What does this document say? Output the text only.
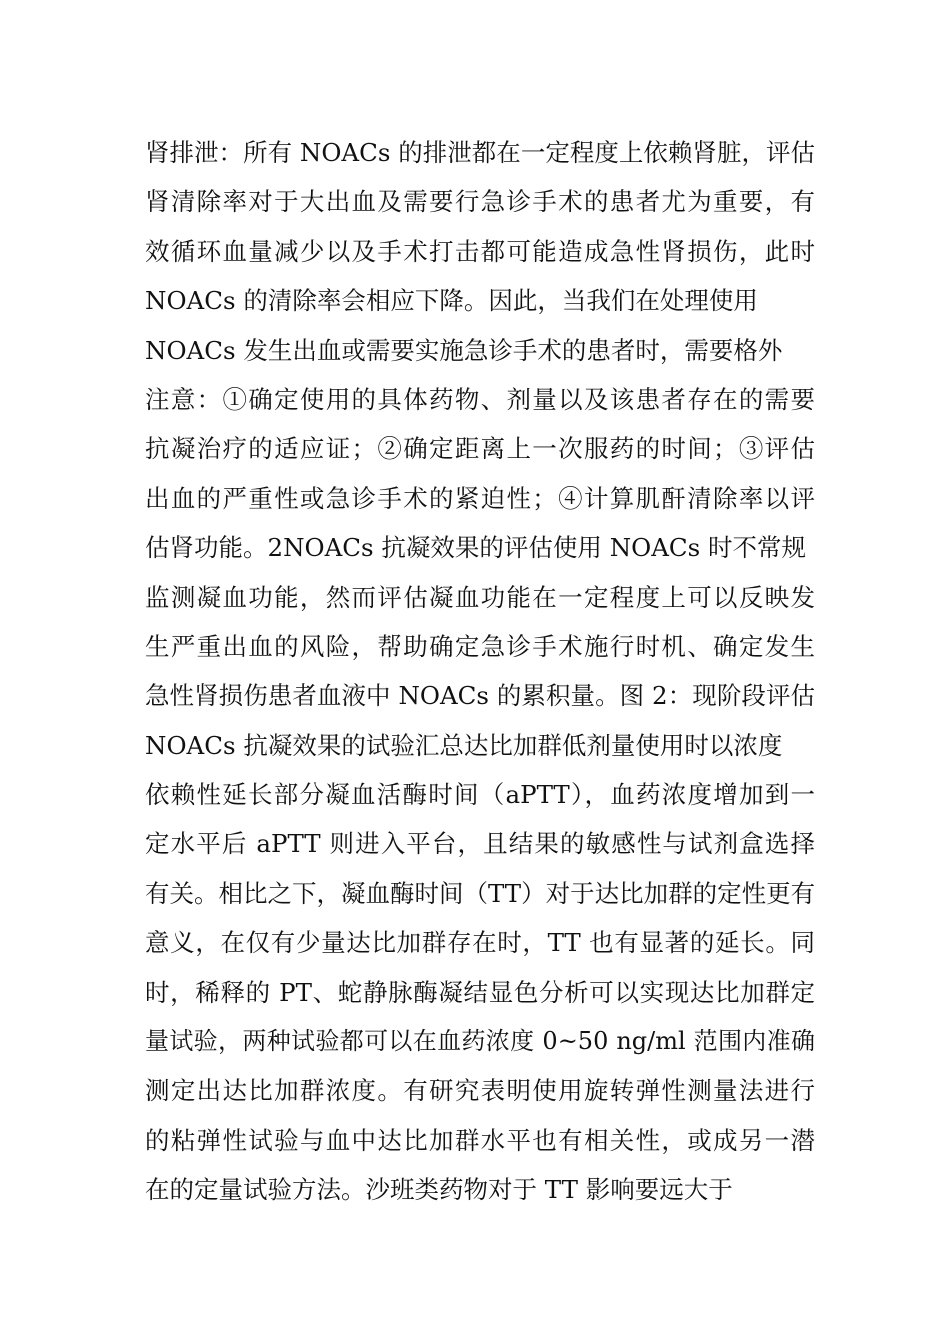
肾排泄：所有 NOACs 的排泄都在一定程度上依赖肾脏，评估
肾清除率对于大出血及需要行急诊手术的患者尤为重要，有
效循环血量减少以及手术打击都可能造成急性肾损伤，此时
NOACs 的清除率会相应下降。因此，当我们在处理使用
NOACs 发生出血或需要实施急诊手术的患者时，需要格外
注意：①确定使用的具体药物、剂量以及该患者存在的需要
抗凝治疗的适应证；②确定距离上一次服药的时间；③评估
出血的严重性或急诊手术的紧迫性；④计算肌酐清除率以评
估肾功能。2NOACs 抗凝效果的评估使用 NOACs 时不常规
监测凝血功能，然而评估凝血功能在一定程度上可以反映发
生严重出血的风险，帮助确定急诊手术施行时机、确定发生
急性肾损伤患者血液中 NOACs 的累积量。图 2：现阶段评估
NOACs 抗凝效果的试验汇总达比加群低剂量使用时以浓度
依赖性延长部分凝血活酶时间（aPTT），血药浓度增加到一
定水平后 aPTT 则进入平台，且结果的敏感性与试剂盒选择
有关。相比之下，凝血酶时间（TT）对于达比加群的定性更有
意义，在仅有少量达比加群存在时，TT 也有显著的延长。同
时，稀释的 PT、蛇静脉酶凝结显色分析可以实现达比加群定
量试验，两种试验都可以在血药浓度 0~50 ng/ml 范围内准确
测定出达比加群浓度。有研究表明使用旋转弹性测量法进行
的粘弹性试验与血中达比加群水平也有相关性，或成另一潜
在的定量试验方法。沙班类药物对于 TT 影响要远大于
